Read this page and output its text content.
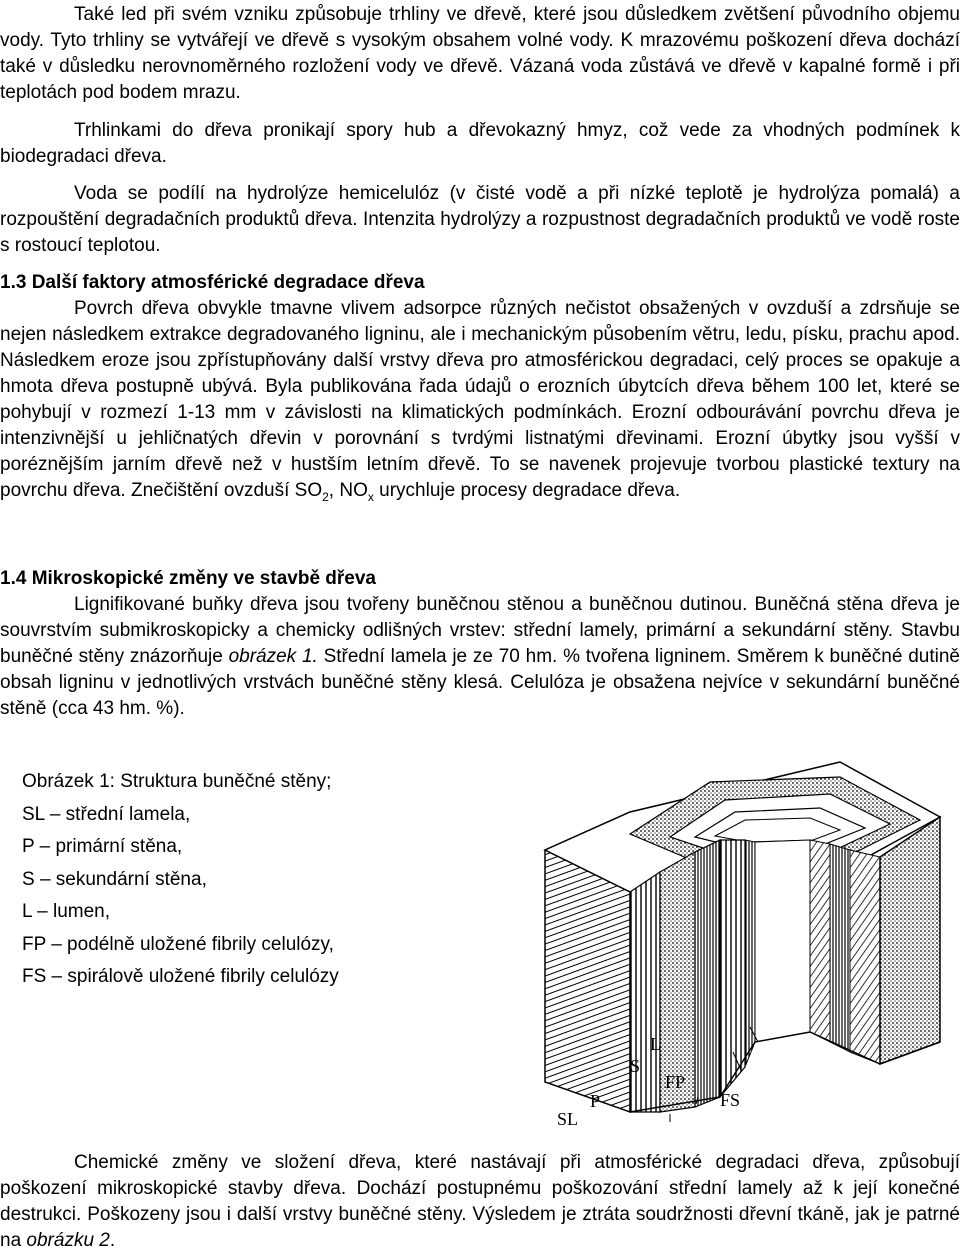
Také led při svém vzniku způsobuje trhliny ve dřevě, které jsou důsledkem zvětšení původního objemu vody. Tyto trhliny se vytvářejí ve dřevě s vysokým obsahem volné vody. K mrazovému poškození dřeva dochází také v důsledku nerovnoměrného rozložení vody ve dřevě. Vázaná voda zůstává ve dřevě v kapalné formě i při teplotách pod bodem mrazu.

Trhlinkami do dřeva pronikají spory hub a dřevokazný hmyz, což vede za vhodných podmínek k biodegradaci dřeva.

Voda se podílí na hydrolýze hemicelulóz (v čisté vodě a při nízké teplotě je hydrolýza pomalá) a rozpouštění degradačních produktů dřeva. Intenzita hydrolýzy a rozpustnost degradačních produktů ve vodě roste s rostoucí teplotou.

1.3 Další faktory atmosférické degradace dřeva

Povrch dřeva obvykle tmavne vlivem adsorpce různých nečistot obsažených v ovzduší a zdrsňuje se nejen následkem extrakce degradovaného ligninu, ale i mechanickým působením větru, ledu, písku, prachu apod. Následkem eroze jsou zpřístupňovány další vrstvy dřeva pro atmosférickou degradaci, celý proces se opakuje a hmota dřeva postupně ubývá. Byla publikována řada údajů o erozních úbytcích dřeva během 100 let, které se pohybují v rozmezí 1-13 mm v závislosti na klimatických podmínkách. Erozní odbourávání povrchu dřeva je intenzivnější u jehličnatých dřevin v porovnání s tvrdými listnatými dřevinami. Erozní úbytky jsou vyšší v poréznějším jarním dřevě než v hustším letním dřevě. To se navenek projevuje tvorbou plastické textury na povrchu dřeva. Znečištění ovzduší $SO_2$, $NO_x$ urychluje procesy degradace dřeva.

1.4 Mikroskopické změny ve stavbě dřeva

Lignifikované buňky dřeva jsou tvořeny buněčnou stěnou a buněčnou dutinou. Buněčná stěna dřeva je souvrstvím submikroskopicky a chemicky odlišných vrstev: střední lamely, primární a sekundární stěny. Stavbu buněčné stěny znázorňuje obrázek 1. Střední lamela je ze 70 hm. % tvořena ligninem. Směrem k buněčné dutině obsah ligninu v jednotlivých vrstvách buněčné stěny klesá. Celulóza je obsažena nejvíce v sekundární buněčné stěně (cca 43 hm. %).

Obrázek 1: Struktura buněčné stěny;
SL – střední lamela,
P – primární stěna,
S – sekundární stěna,
L – lumen,
FP – podélně uložené fibrily celulózy,
FS – spirálově uložené fibrily celulózy
SL
P
S
L
FP
FS

Chemické změny ve složení dřeva, které nastávají při atmosférické degradaci dřeva, způsobují poškození mikroskopické stavby dřeva. Dochází postupnému poškozování střední lamely až k její konečné destrukci. Poškozeny jsou i další vrstvy buněčné stěny. Výsledem je ztráta soudržnosti dřevní tkáně, jak je patrné na obrázku 2.
